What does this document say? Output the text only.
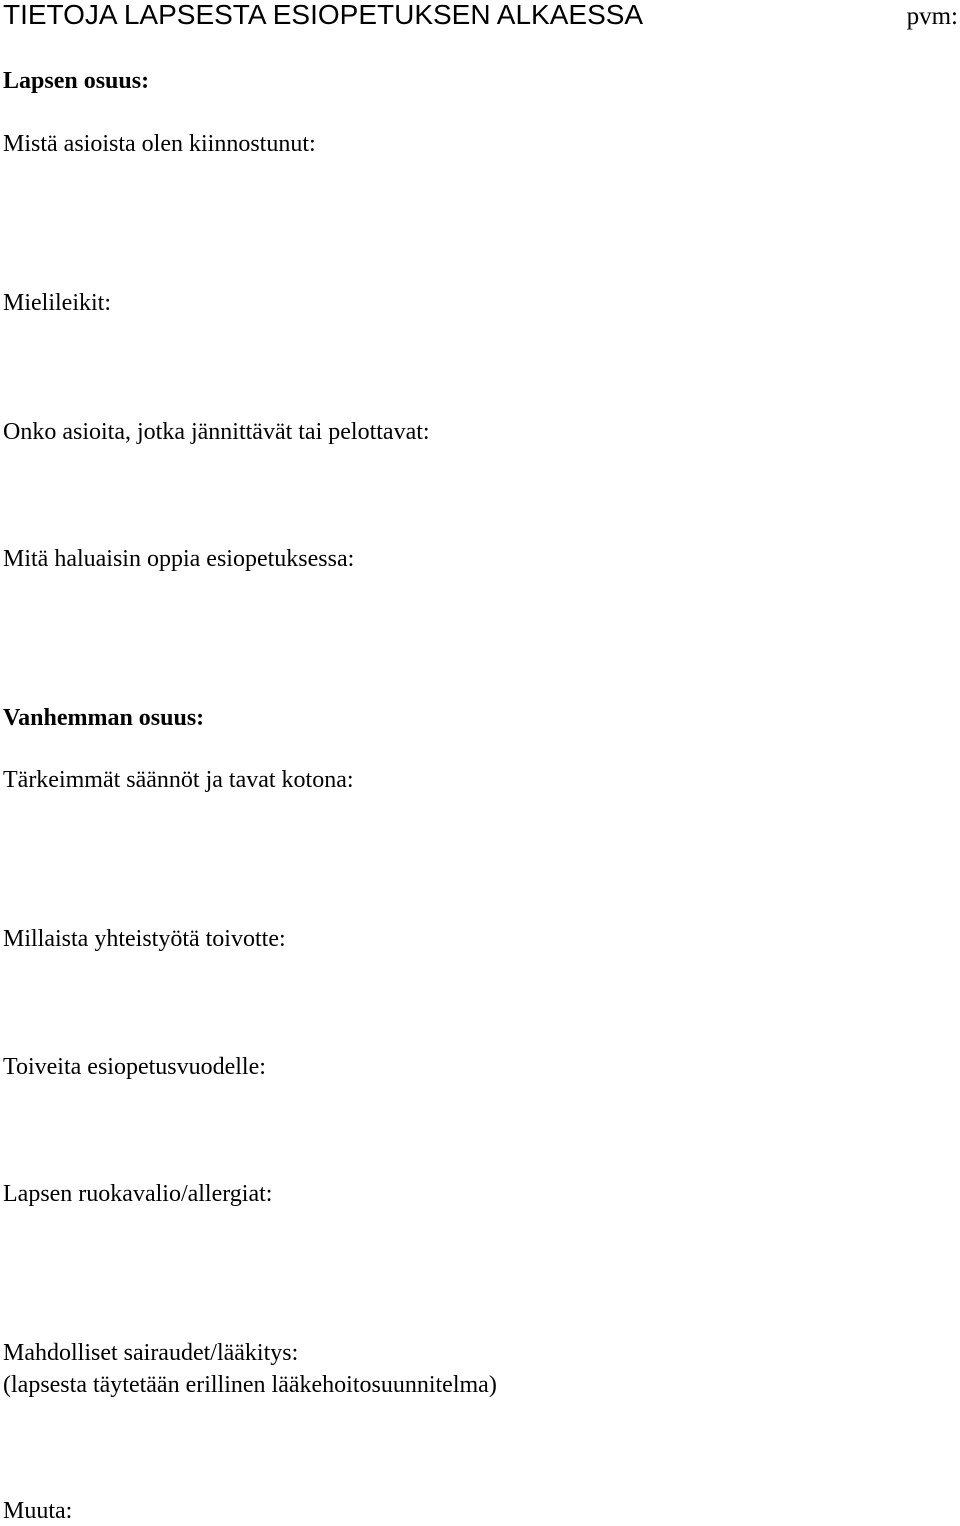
TIETOJA LAPSESTA ESIOPETUKSEN ALKAESSA	pvm:
Lapsen osuus:
Mistä asioista olen kiinnostunut:
Mielileikit:
Onko asioita, jotka jännittävät tai pelottavat:
Mitä haluaisin oppia esiopetuksessa:
Vanhemman osuus:
Tärkeimmät säännöt ja tavat kotona:
Millaista yhteistyötä toivotte:
Toiveita esiopetusvuodelle:
Lapsen ruokavalio/allergiat:
Mahdolliset sairaudet/lääkitys:
(lapsesta täytetään erillinen lääkehoitosuunnitelma)
Muuta:
